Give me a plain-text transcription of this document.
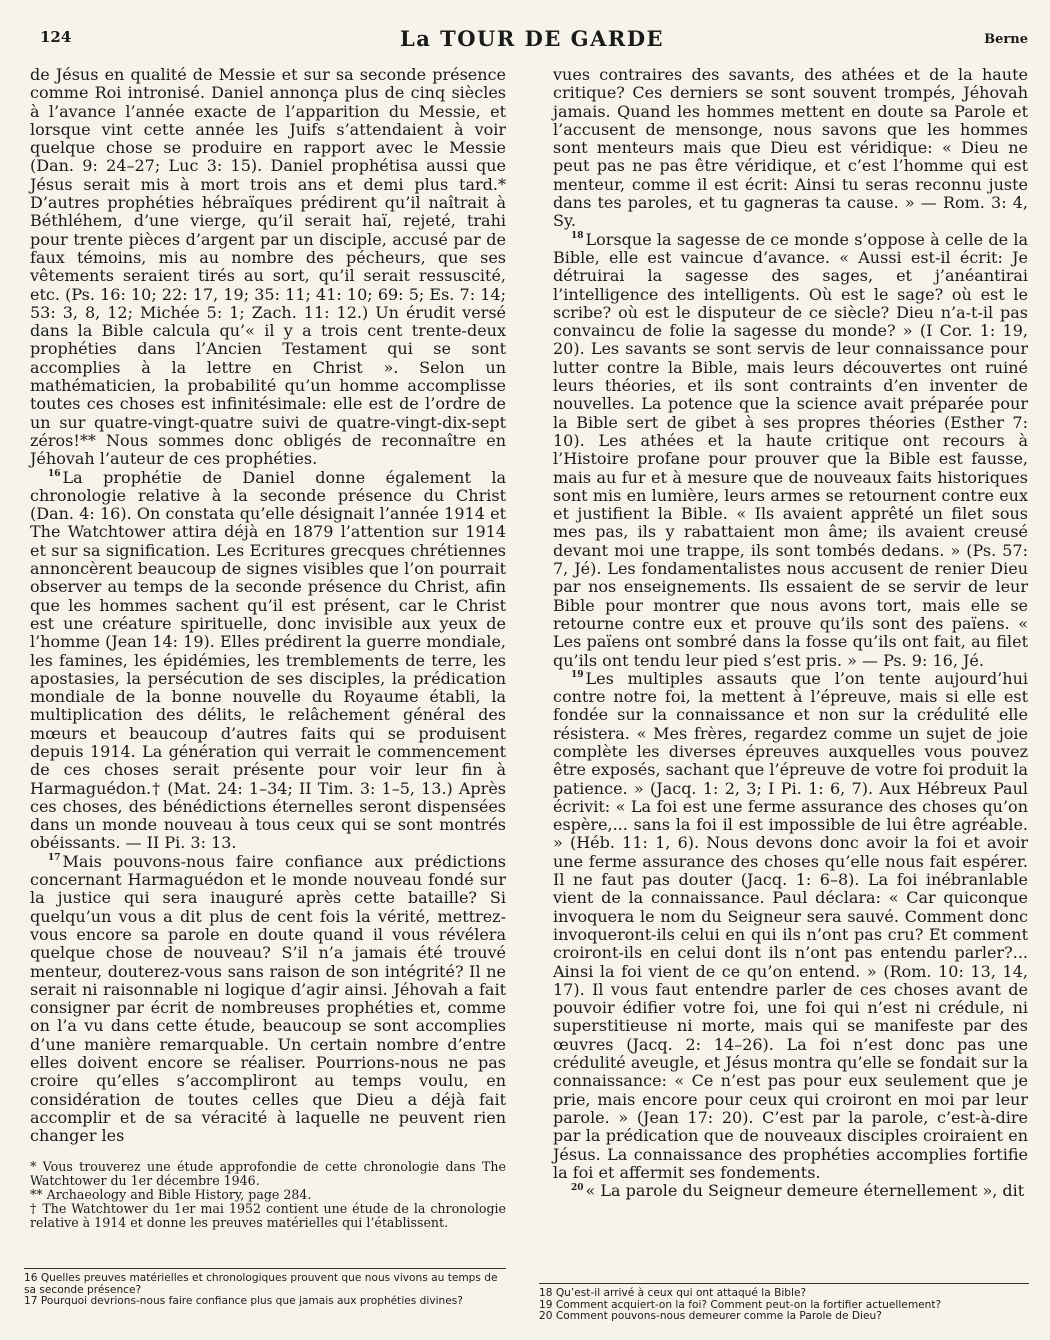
124	La TOUR DE GARDE	Berne

de Jésus en qualité de Messie et sur sa seconde présence comme Roi intronisé. Daniel annonça plus de cinq siècles à l’avance l’année exacte de l’apparition du Messie, et lorsque vint cette année les Juifs s’attendaient à voir quelque chose se produire en rapport avec le Messie (Dan. 9: 24–27; Luc 3: 15). Daniel prophétisa aussi que Jésus serait mis à mort trois ans et demi plus tard.* D’autres prophéties hébraïques prédirent qu’il naîtrait à Béthléhem, d’une vierge, qu’il serait haï, rejeté, trahi pour trente pièces d’argent par un disciple, accusé par de faux témoins, mis au nombre des pécheurs, que ses vêtements seraient tirés au sort, qu’il serait ressuscité, etc. (Ps. 16: 10; 22: 17, 19; 35: 11; 41: 10; 69: 5; Es. 7: 14; 53: 3, 8, 12; Michée 5: 1; Zach. 11: 12.) Un érudit versé dans la Bible calcula qu’« il y a trois cent trente-deux prophéties dans l’Ancien Testament qui se sont accomplies à la lettre en Christ ». Selon un mathématicien, la probabilité qu’un homme accomplisse toutes ces choses est infinitésimale: elle est de l’ordre de un sur quatre-vingt-quatre suivi de quatre-vingt-dix-sept zéros!** Nous sommes donc obligés de reconnaître en Jéhovah l’auteur de ces prophéties.

$^{16}$ La prophétie de Daniel donne également la chronologie relative à la seconde présence du Christ (Dan. 4: 16). On constata qu’elle désignait l’année 1914 et The Watchtower attira déjà en 1879 l’attention sur 1914 et sur sa signification. Les Ecritures grecques chrétiennes annoncèrent beaucoup de signes visibles que l’on pourrait observer au temps de la seconde présence du Christ, afin que les hommes sachent qu’il est présent, car le Christ est une créature spirituelle, donc invisible aux yeux de l’homme (Jean 14: 19). Elles prédirent la guerre mondiale, les famines, les épidémies, les tremblements de terre, les apostasies, la persécution de ses disciples, la prédication mondiale de la bonne nouvelle du Royaume établi, la multiplication des délits, le relâchement général des mœurs et beaucoup d’autres faits qui se produisent depuis 1914. La génération qui verrait le commencement de ces choses serait présente pour voir leur fin à Harmaguédon.† (Mat. 24: 1–34; II Tim. 3: 1–5, 13.) Après ces choses, des bénédictions éternelles seront dispensées dans un monde nouveau à tous ceux qui se sont montrés obéissants. — II Pi. 3: 13.

$^{17}$ Mais pouvons-nous faire confiance aux prédictions concernant Harmaguédon et le monde nouveau fondé sur la justice qui sera inauguré après cette bataille? Si quelqu’un vous a dit plus de cent fois la vérité, mettrez-vous encore sa parole en doute quand il vous révélera quelque chose de nouveau? S’il n’a jamais été trouvé menteur, douterez-vous sans raison de son intégrité? Il ne serait ni raisonnable ni logique d’agir ainsi. Jéhovah a fait consigner par écrit de nombreuses prophéties et, comme on l’a vu dans cette étude, beaucoup se sont accomplies d’une manière remarquable. Un certain nombre d’entre elles doivent encore se réaliser. Pourrions-nous ne pas croire qu’elles s’accompliront au temps voulu, en considération de toutes celles que Dieu a déjà fait accomplir et de sa véracité à laquelle ne peuvent rien changer les

* Vous trouverez une étude approfondie de cette chronologie dans The Watchtower du 1er décembre 1946.

** Archaeology and Bible History, page 284.

† The Watchtower du 1er mai 1952 contient une étude de la chronologie relative à 1914 et donne les preuves matérielles qui l’établissent.

16 Quelles preuves matérielles et chronologiques prouvent que nous vivons au temps de sa seconde présence?

17 Pourquoi devrions-nous faire confiance plus que jamais aux prophéties divines?

vues contraires des savants, des athées et de la haute critique? Ces derniers se sont souvent trompés, Jéhovah jamais. Quand les hommes mettent en doute sa Parole et l’accusent de mensonge, nous savons que les hommes sont menteurs mais que Dieu est véridique: « Dieu ne peut pas ne pas être véridique, et c’est l’homme qui est menteur, comme il est écrit: Ainsi tu seras reconnu juste dans tes paroles, et tu gagneras ta cause. » — Rom. 3: 4, Sy.

$^{18}$ Lorsque la sagesse de ce monde s’oppose à celle de la Bible, elle est vaincue d’avance. « Aussi est-il écrit: Je détruirai la sagesse des sages, et j’anéantirai l’intelligence des intelligents. Où est le sage? où est le scribe? où est le disputeur de ce siècle? Dieu n’a-t-il pas convaincu de folie la sagesse du monde? » (I Cor. 1: 19, 20). Les savants se sont servis de leur connaissance pour lutter contre la Bible, mais leurs découvertes ont ruiné leurs théories, et ils sont contraints d’en inventer de nouvelles. La potence que la science avait préparée pour la Bible sert de gibet à ses propres théories (Esther 7: 10). Les athées et la haute critique ont recours à l’Histoire profane pour prouver que la Bible est fausse, mais au fur et à mesure que de nouveaux faits historiques sont mis en lumière, leurs armes se retournent contre eux et justifient la Bible. « Ils avaient apprêté un filet sous mes pas, ils y rabattaient mon âme; ils avaient creusé devant moi une trappe, ils sont tombés dedans. » (Ps. 57: 7, Jé). Les fondamentalistes nous accusent de renier Dieu par nos enseignements. Ils essaient de se servir de leur Bible pour montrer que nous avons tort, mais elle se retourne contre eux et prouve qu’ils sont des païens. « Les païens ont sombré dans la fosse qu’ils ont fait, au filet qu’ils ont tendu leur pied s’est pris. » — Ps. 9: 16, Jé.

$^{19}$ Les multiples assauts que l’on tente aujourd’hui contre notre foi, la mettent à l’épreuve, mais si elle est fondée sur la connaissance et non sur la crédulité elle résistera. « Mes frères, regardez comme un sujet de joie complète les diverses épreuves auxquelles vous pouvez être exposés, sachant que l’épreuve de votre foi produit la patience. » (Jacq. 1: 2, 3; I Pi. 1: 6, 7). Aux Hébreux Paul écrivit: « La foi est une ferme assurance des choses qu’on espère,... sans la foi il est impossible de lui être agréable. » (Héb. 11: 1, 6). Nous devons donc avoir la foi et avoir une ferme assurance des choses qu’elle nous fait espérer. Il ne faut pas douter (Jacq. 1: 6–8). La foi inébranlable vient de la connaissance. Paul déclara: « Car quiconque invoquera le nom du Seigneur sera sauvé. Comment donc invoqueront-ils celui en qui ils n’ont pas cru? Et comment croiront-ils en celui dont ils n’ont pas entendu parler?... Ainsi la foi vient de ce qu’on entend. » (Rom. 10: 13, 14, 17). Il vous faut entendre parler de ces choses avant de pouvoir édifier votre foi, une foi qui n’est ni crédule, ni superstitieuse ni morte, mais qui se manifeste par des œuvres (Jacq. 2: 14–26). La foi n’est donc pas une crédulité aveugle, et Jésus montra qu’elle se fondait sur la connaissance: « Ce n’est pas pour eux seulement que je prie, mais encore pour ceux qui croiront en moi par leur parole. » (Jean 17: 20). C’est par la parole, c’est-à-dire par la prédication que de nouveaux disciples croiraient en Jésus. La connaissance des prophéties accomplies fortifie la foi et affermit ses fondements.

$^{20}$ « La parole du Seigneur demeure éternellement », dit

18 Qu’est-il arrivé à ceux qui ont attaqué la Bible?

19 Comment acquiert-on la foi? Comment peut-on la fortifier actuellement?

20 Comment pouvons-nous demeurer comme la Parole de Dieu?
